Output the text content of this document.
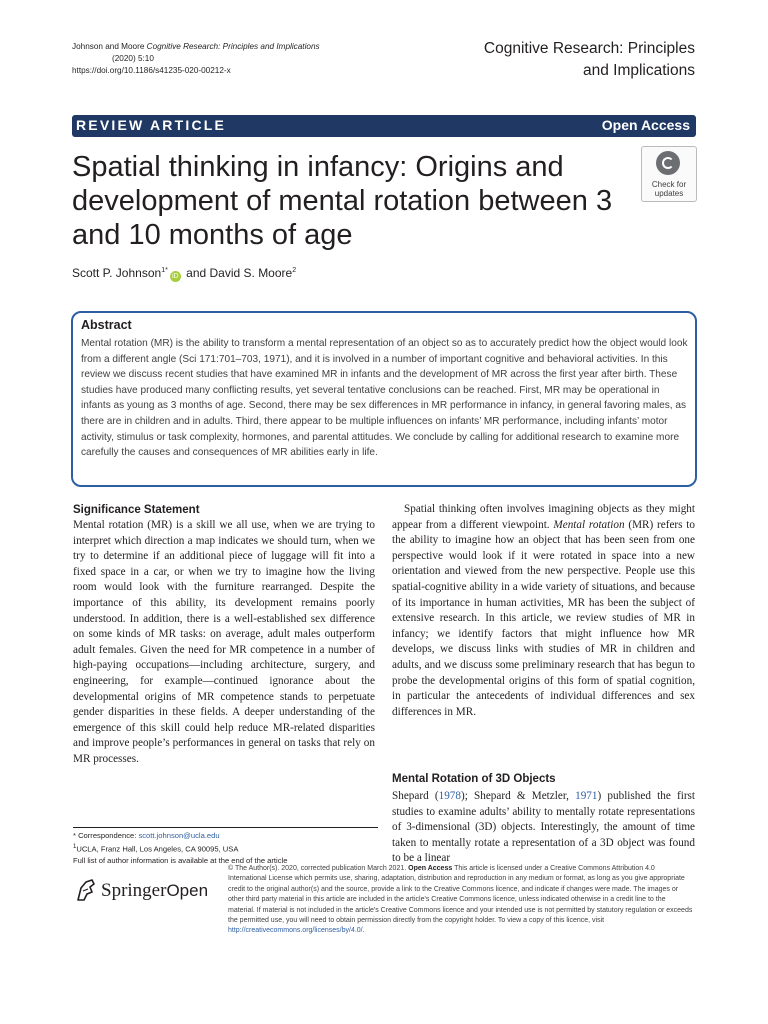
Johnson and Moore Cognitive Research: Principles and Implications
(2020) 5:10
https://doi.org/10.1186/s41235-020-00212-x
Cognitive Research: Principles
and Implications
REVIEW ARTICLE	Open Access
Spatial thinking in infancy: Origins and development of mental rotation between 3 and 10 months of age
Check for
updates
Scott P. Johnson$^{1*}$iD and David S. Moore$^2$
Abstract

Mental rotation (MR) is the ability to transform a mental representation of an object so as to accurately predict how the object would look from a different angle (Sci 171:701–703, 1971), and it is involved in a number of important cognitive and behavioral activities. In this review we discuss recent studies that have examined MR in infants and the development of MR across the first year after birth. These studies have produced many conflicting results, yet several tentative conclusions can be reached. First, MR may be operational in infants as young as 3 months of age. Second, there may be sex differences in MR performance in infancy, in general favoring males, as there are in children and in adults. Third, there appear to be multiple influences on infants’ MR performance, including infants’ motor activity, stimulus or task complexity, hormones, and parental attitudes. We conclude by calling for additional research to examine more carefully the causes and consequences of MR abilities early in life.

Significance Statement

Mental rotation (MR) is a skill we all use, when we are trying to interpret which direction a map indicates we should turn, when we try to determine if an additional piece of luggage will fit into a fixed space in a car, or when we try to imagine how the living room would look with the furniture rearranged. Despite the importance of this ability, its development remains poorly understood. In addition, there is a well-established sex difference on some kinds of MR tasks: on average, adult males outperform adult females. Given the need for MR competence in a number of high-paying occupations—including architecture, surgery, and engineering, for example—continued ignorance about the developmental origins of MR competence stands to perpetuate gender disparities in these fields. A deeper understanding of the emergence of this skill could help reduce MR-related disparities and improve people’s performances in general on tasks that rely on MR processes.

Spatial thinking often involves imagining objects as they might appear from a different viewpoint. Mental rotation (MR) refers to the ability to imagine how an object that has been seen from one perspective would look if it were rotated in space into a new orientation and viewed from the new perspective. People use this spatial-cognitive ability in a wide variety of situations, and because of its importance in human activities, MR has been the subject of extensive research. In this article, we review studies of MR in infancy; we identify factors that might influence how MR develops, we discuss links with studies of MR in children and adults, and we discuss some preliminary research that has begun to probe the developmental origins of this form of spatial cognition, in particular the antecedents of individual differences and sex differences in MR.

Mental Rotation of 3D Objects

Shepard (1978); Shepard & Metzler, 1971) published the first studies to examine adults’ ability to mentally rotate representations of 3-dimensional (3D) objects. Interestingly, the amount of time taken to mentally rotate a representation of a 3D object was found to be a linear

* Correspondence: scott.johnson@ucla.edu
$^1$UCLA, Franz Hall, Los Angeles, CA 90095, USA
Full list of author information is available at the end of the article
SpringerOpen
© The Author(s). 2020, corrected publication March 2021. Open Access This article is licensed under a Creative Commons Attribution 4.0 International License which permits use, sharing, adaptation, distribution and reproduction in any medium or format, as long as you give appropriate credit to the original author(s) and the source, provide a link to the Creative Commons licence, and indicate if changes were made. The images or other third party material in this article are included in the article's Creative Commons licence, unless indicated otherwise in a credit line to the material. If material is not included in the article's Creative Commons licence and your intended use is not permitted by statutory regulation or exceeds the permitted use, you will need to obtain permission directly from the copyright holder. To view a copy of this licence, visit http://creativecommons.org/licenses/by/4.0/.
